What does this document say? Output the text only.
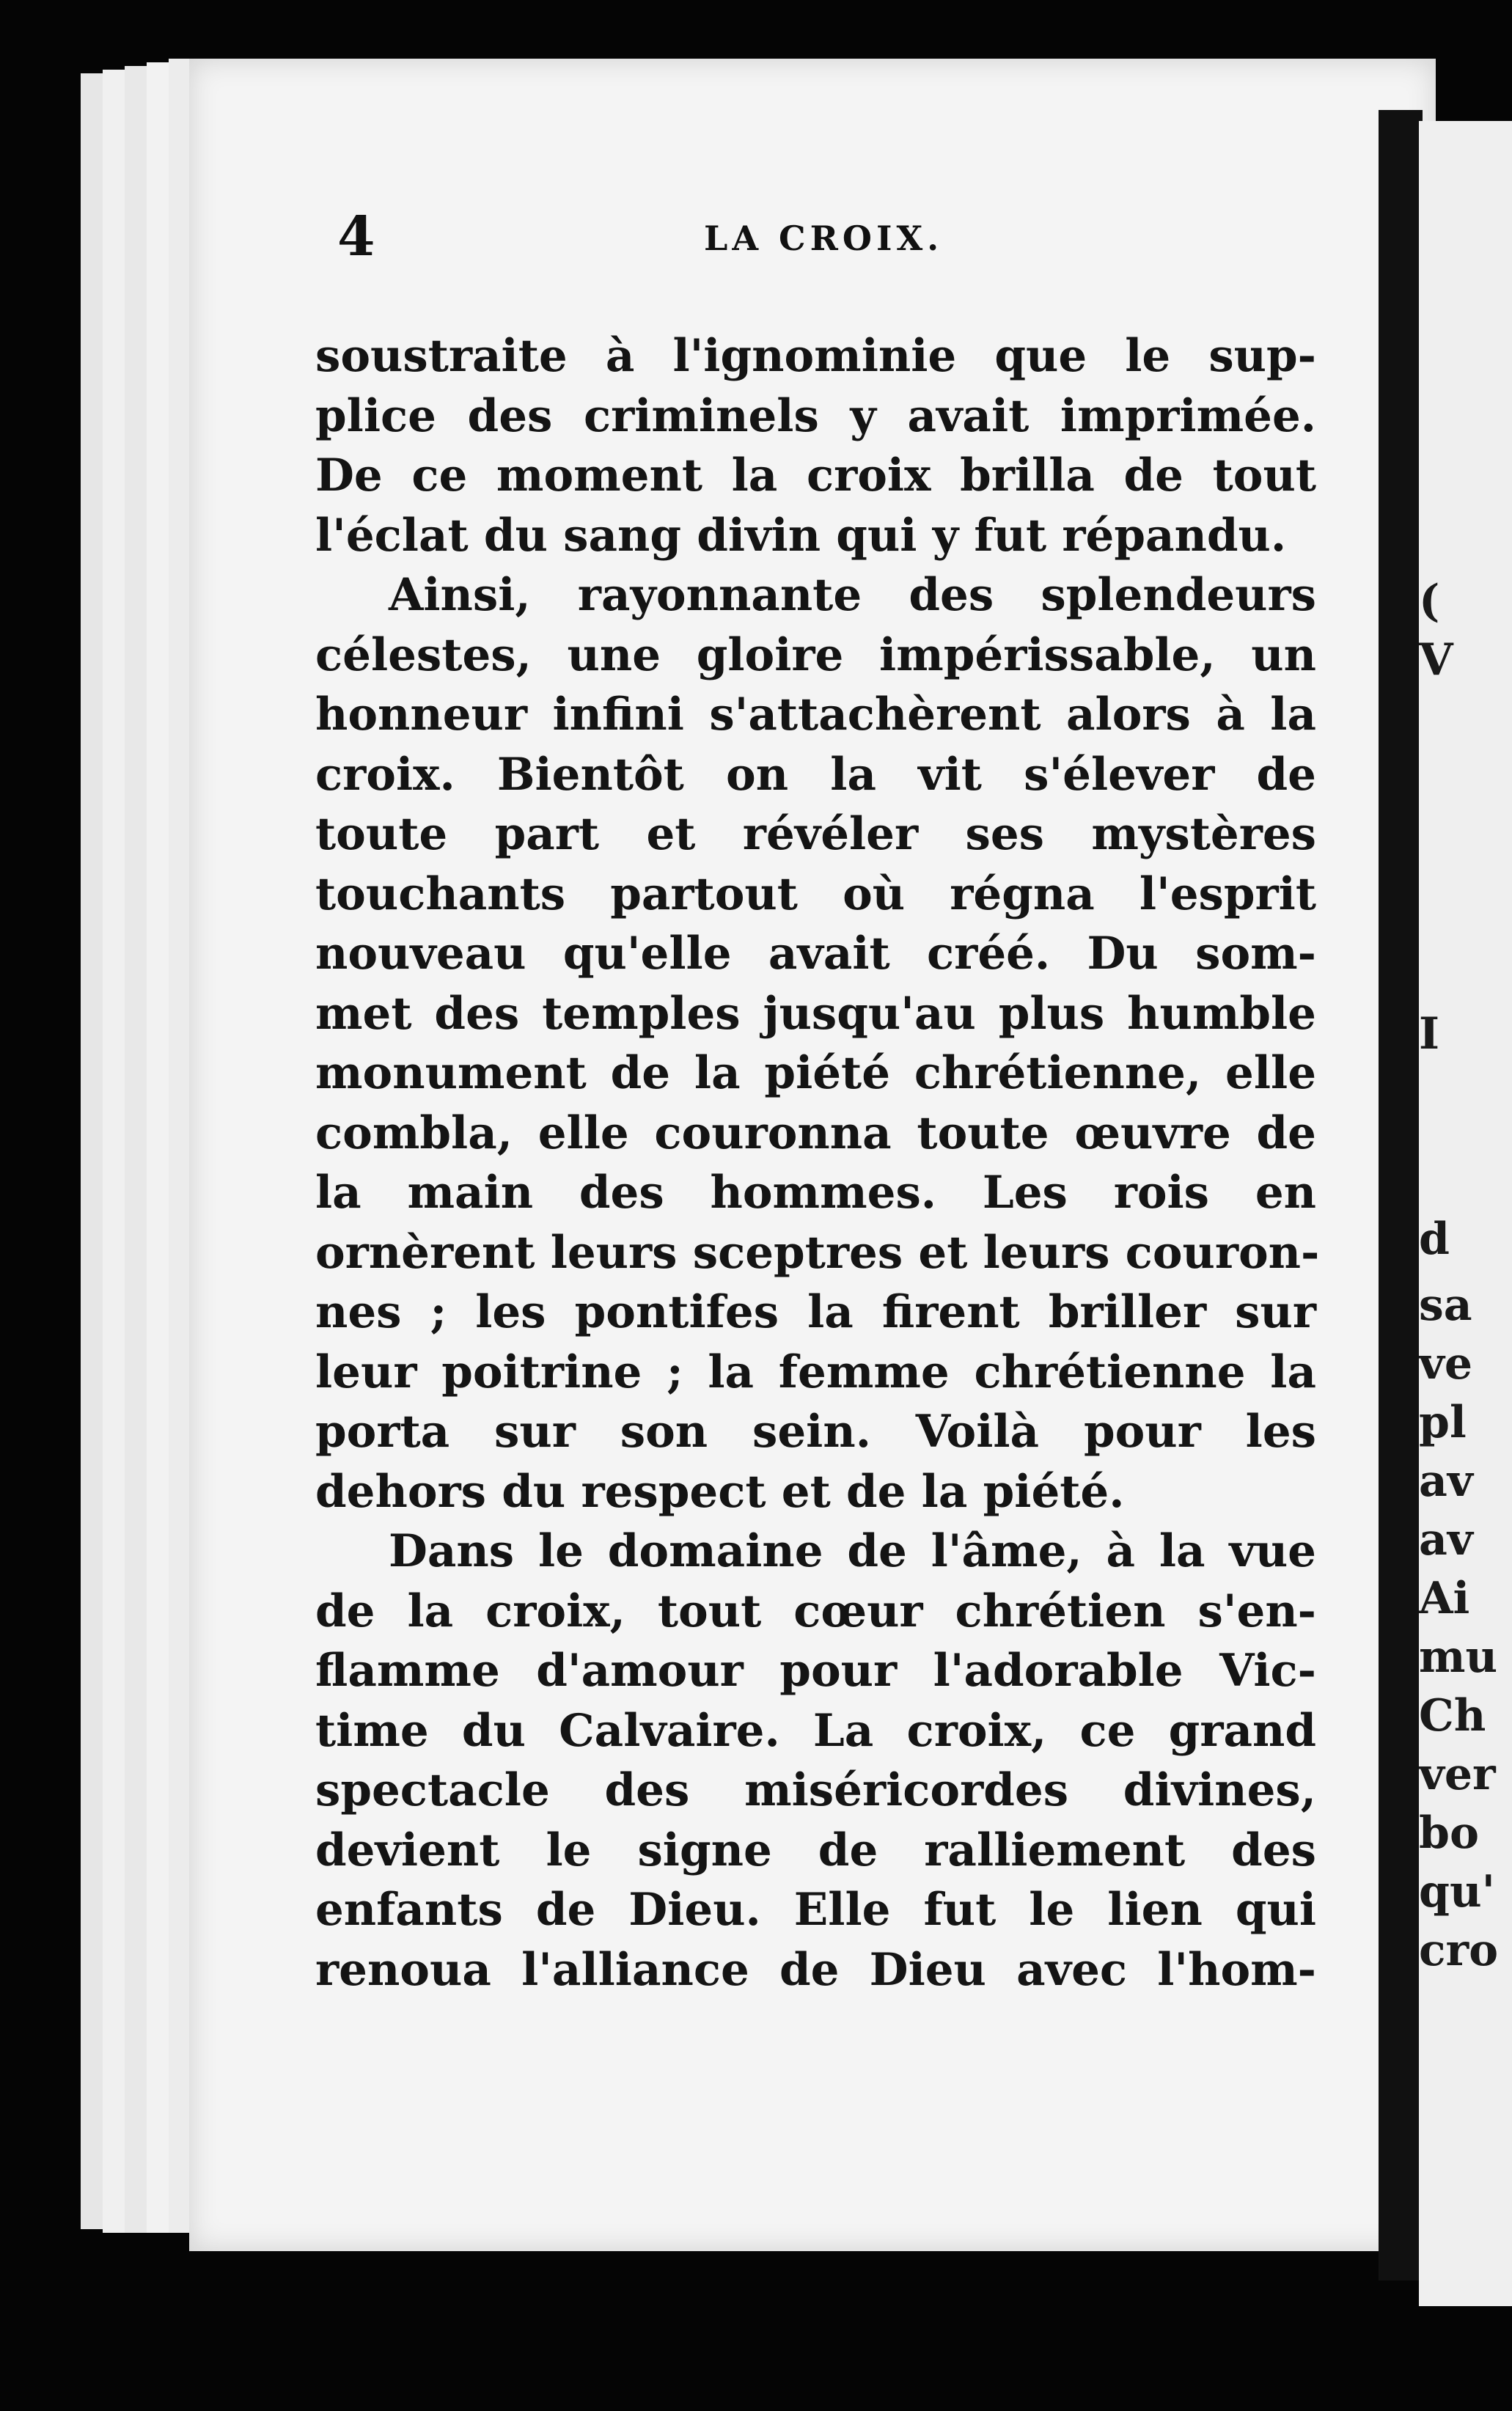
(
V
I
d
sa
ve
pl
av
av
Ai
mu
Ch
ver
bo
qu'
cro
4	LA CROIX.
soustraite à l'ignominie que le sup-
plice des criminels y avait imprimée.
De ce moment la croix brilla de tout
l'éclat du sang divin qui y fut répandu.
Ainsi, rayonnante des splendeurs
célestes, une gloire impérissable, un
honneur infini s'attachèrent alors à la
croix. Bientôt on la vit s'élever de
toute part et révéler ses mystères
touchants partout où régna l'esprit
nouveau qu'elle avait créé. Du som-
met des temples jusqu'au plus humble
monument de la piété chrétienne, elle
combla, elle couronna toute œuvre de
la main des hommes. Les rois en
ornèrent leurs sceptres et leurs couron-
nes ; les pontifes la firent briller sur
leur poitrine ; la femme chrétienne la
porta sur son sein. Voilà pour les
dehors du respect et de la piété.
Dans le domaine de l'âme, à la vue
de la croix, tout cœur chrétien s'en-
flamme d'amour pour l'adorable Vic-
time du Calvaire. La croix, ce grand
spectacle des miséricordes divines,
devient le signe de ralliement des
enfants de Dieu. Elle fut le lien qui
renoua l'alliance de Dieu avec l'hom-
